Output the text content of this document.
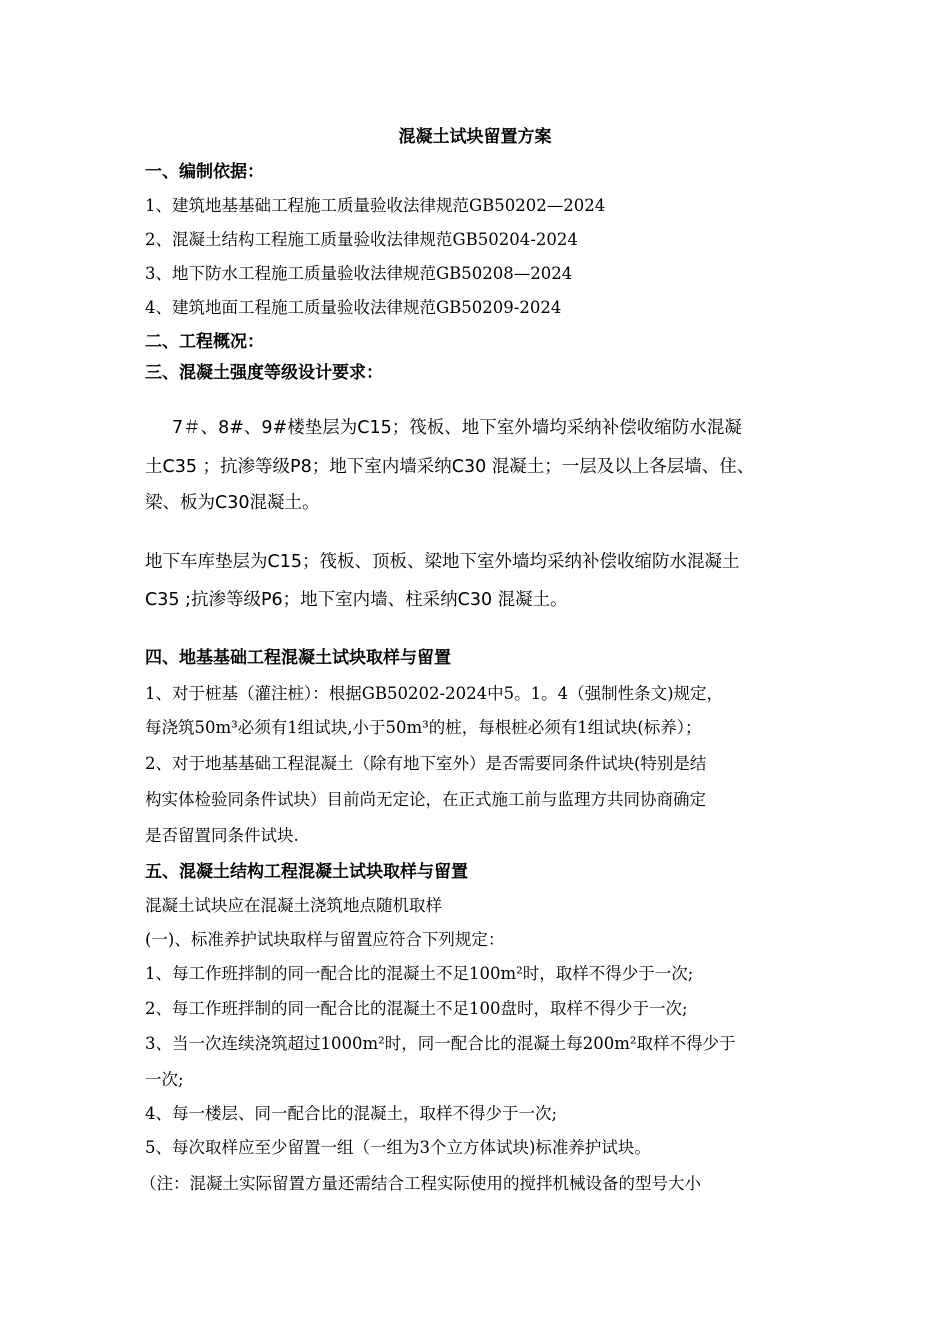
混凝土试块留置方案
一、编制依据：
1、建筑地基基础工程施工质量验收法律规范GB50202—2024
2、混凝土结构工程施工质量验收法律规范GB50204-2024
3、地下防水工程施工质量验收法律规范GB50208—2024
4、建筑地面工程施工质量验收法律规范GB50209-2024
二、工程概况：
三、混凝土强度等级设计要求：
7＃、8#、9#楼垫层为C15；筏板、地下室外墙均采纳补偿收缩防水混凝
土C35 ；抗渗等级P8；地下室内墙采纳C30 混凝土；一层及以上各层墙、住、
梁、板为C30混凝土。
地下车库垫层为C15；筏板、顶板、梁地下室外墙均采纳补偿收缩防水混凝土
C35 ;抗渗等级P6；地下室内墙、柱采纳C30 混凝土。
四、地基基础工程混凝土试块取样与留置
1、对于桩基（灌注桩）：根据GB50202-2024中5。1。4（强制性条文)规定，
每浇筑50m³必须有1组试块,小于50m³的桩，每根桩必须有1组试块(标养）；
2、对于地基基础工程混凝土（除有地下室外）是否需要同条件试块(特别是结
构实体检验同条件试块）目前尚无定论，在正式施工前与监理方共同协商确定
是否留置同条件试块.
五、混凝土结构工程混凝土试块取样与留置
混凝土试块应在混凝土浇筑地点随机取样
(一)、标准养护试块取样与留置应符合下列规定：
1、每工作班拌制的同一配合比的混凝土不足100m²时，取样不得少于一次;
2、每工作班拌制的同一配合比的混凝土不足100盘时，取样不得少于一次;
3、当一次连续浇筑超过1000m²时，同一配合比的混凝土每200m²取样不得少于
一次;
4、每一楼层、同一配合比的混凝土，取样不得少于一次;
5、每次取样应至少留置一组（一组为3个立方体试块)标准养护试块。
（注：混凝土实际留置方量还需结合工程实际使用的搅拌机械设备的型号大小
